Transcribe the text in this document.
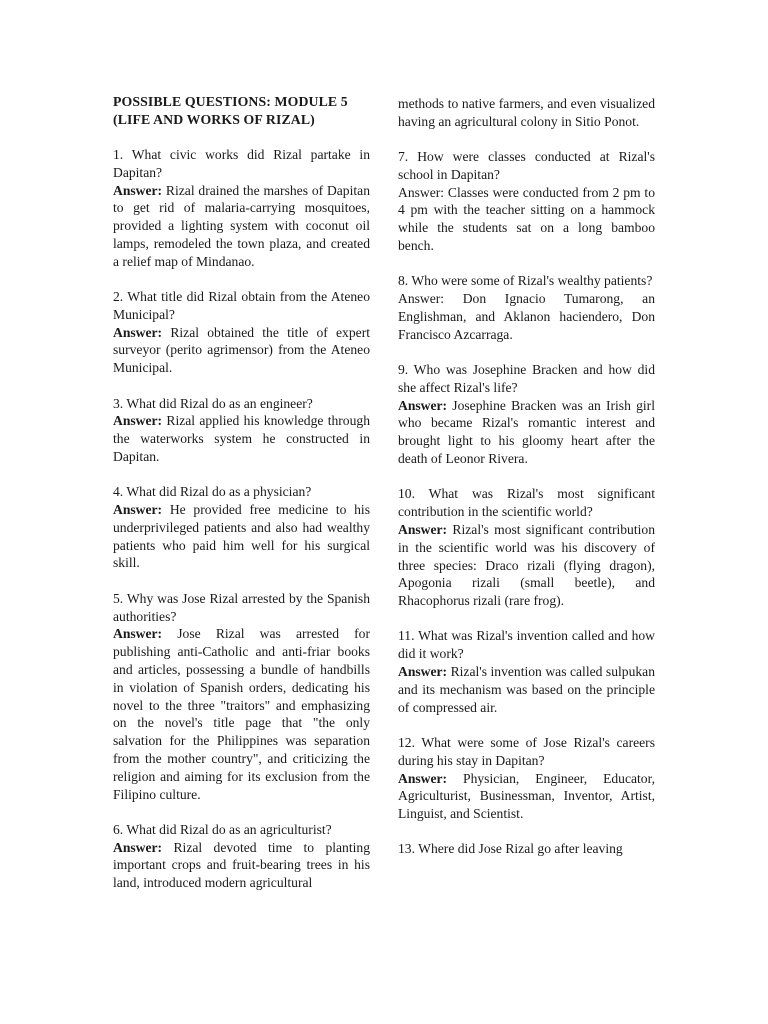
POSSIBLE QUESTIONS: MODULE 5
(LIFE AND WORKS OF RIZAL)

1. What civic works did Rizal partake in Dapitan?

Answer: Rizal drained the marshes of Dapitan to get rid of malaria-carrying mosquitoes, provided a lighting system with coconut oil lamps, remodeled the town plaza, and created a relief map of Mindanao.

2. What title did Rizal obtain from the Ateneo Municipal?

Answer: Rizal obtained the title of expert surveyor (perito agrimensor) from the Ateneo Municipal.

3. What did Rizal do as an engineer?

Answer: Rizal applied his knowledge through the waterworks system he constructed in Dapitan.

4. What did Rizal do as a physician?

Answer: He provided free medicine to his underprivileged patients and also had wealthy patients who paid him well for his surgical skill.

5. Why was Jose Rizal arrested by the Spanish authorities?

Answer: Jose Rizal was arrested for publishing anti-Catholic and anti-friar books and articles, possessing a bundle of handbills in violation of Spanish orders, dedicating his novel to the three "traitors" and emphasizing on the novel's title page that "the only salvation for the Philippines was separation from the mother country", and criticizing the religion and aiming for its exclusion from the Filipino culture.

6. What did Rizal do as an agriculturist?

Answer: Rizal devoted time to planting important crops and fruit-bearing trees in his land, introduced modern agricultural

methods to native farmers, and even visualized having an agricultural colony in Sitio Ponot.

7. How were classes conducted at Rizal's school in Dapitan?

Answer: Classes were conducted from 2 pm to 4 pm with the teacher sitting on a hammock while the students sat on a long bamboo bench.

8. Who were some of Rizal's wealthy patients?

Answer: Don Ignacio Tumarong, an Englishman, and Aklanon haciendero, Don Francisco Azcarraga.

9. Who was Josephine Bracken and how did she affect Rizal's life?

Answer: Josephine Bracken was an Irish girl who became Rizal's romantic interest and brought light to his gloomy heart after the death of Leonor Rivera.

10. What was Rizal's most significant contribution in the scientific world?

Answer: Rizal's most significant contribution in the scientific world was his discovery of three species: Draco rizali (flying dragon), Apogonia rizali (small beetle), and Rhacophorus rizali (rare frog).

11. What was Rizal's invention called and how did it work?

Answer: Rizal's invention was called sulpukan and its mechanism was based on the principle of compressed air.

12. What were some of Jose Rizal's careers during his stay in Dapitan?

Answer: Physician, Engineer, Educator, Agriculturist, Businessman, Inventor, Artist, Linguist, and Scientist.

13. Where did Jose Rizal go after leaving
